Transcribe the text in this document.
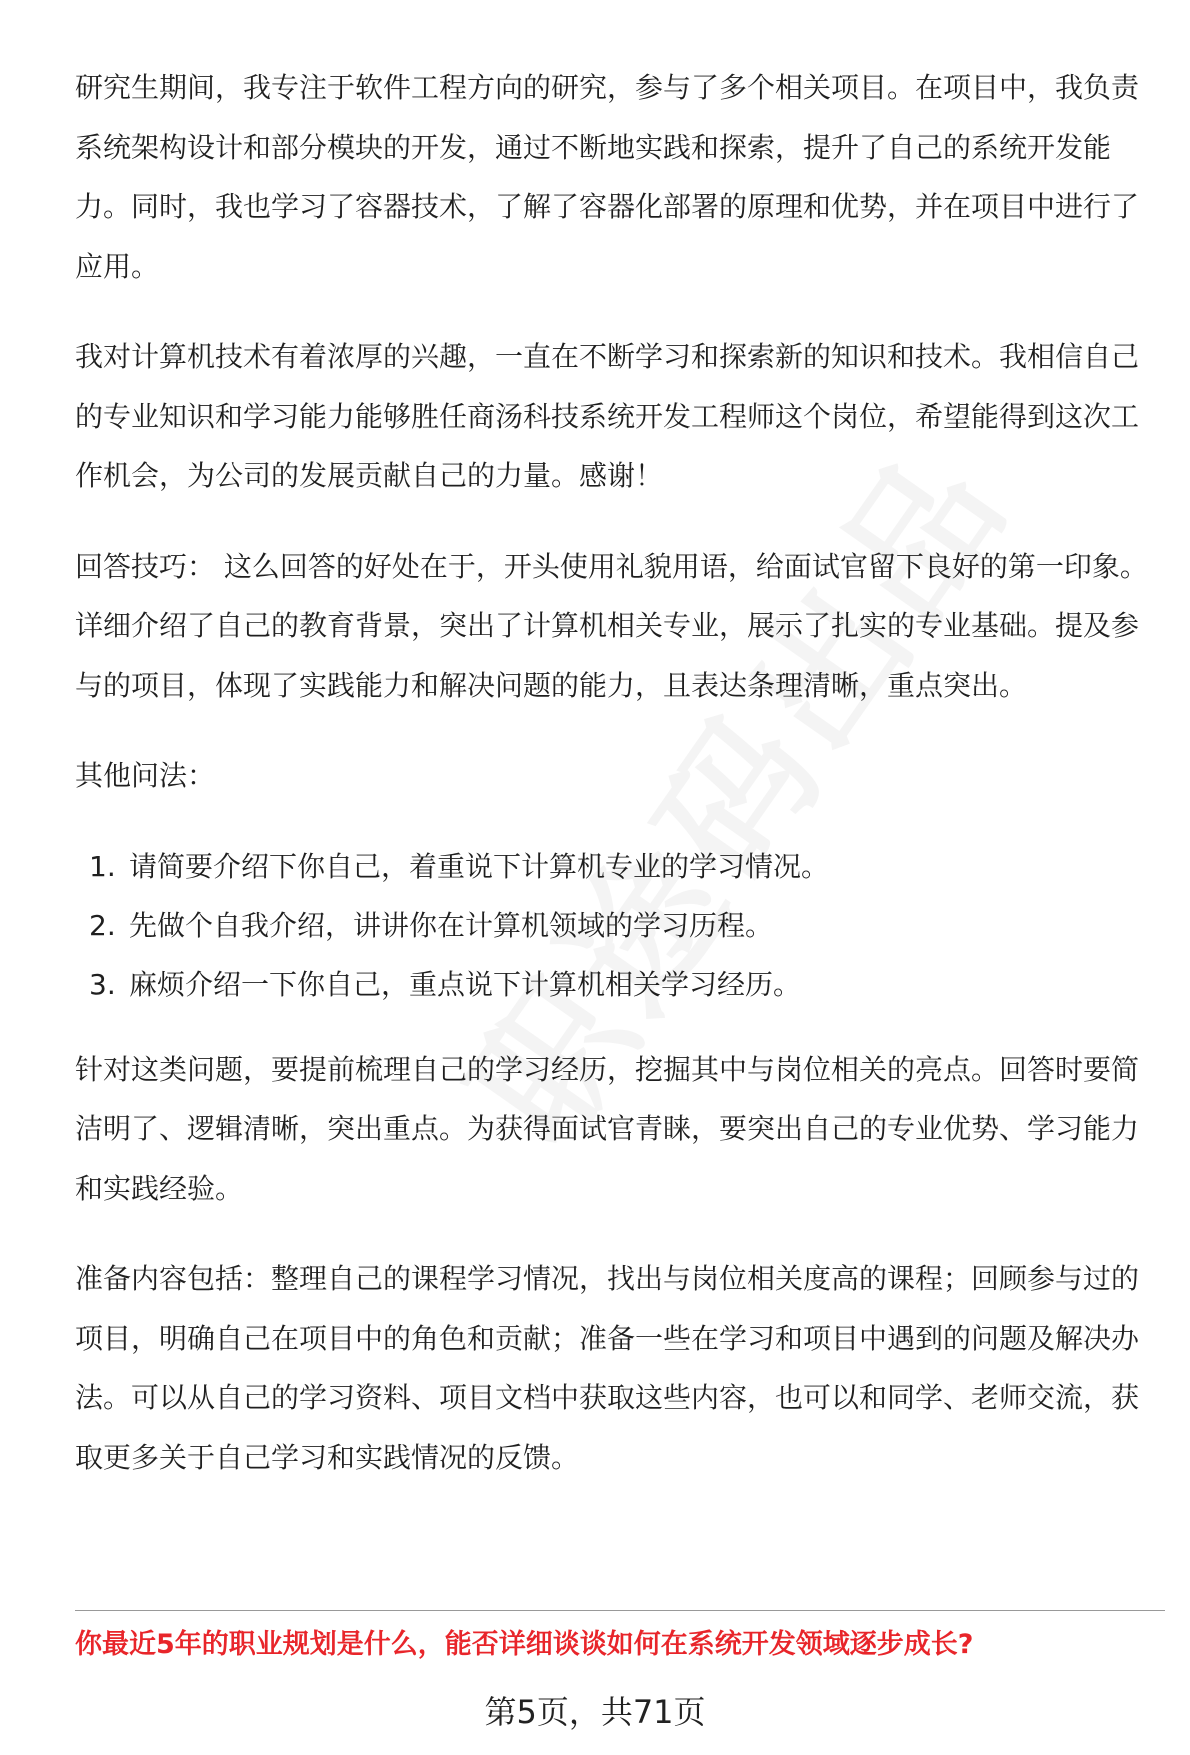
研究生期间，我专注于软件工程方向的研究，参与了多个相关项目。在项目中，我负责系统架构设计和部分模块的开发，通过不断地实践和探索，提升了自己的系统开发能力。同时，我也学习了容器技术，了解了容器化部署的原理和优势，并在项目中进行了应用。

我对计算机技术有着浓厚的兴趣，一直在不断学习和探索新的知识和技术。我相信自己的专业知识和学习能力能够胜任商汤科技系统开发工程师这个岗位，希望能得到这次工作机会，为公司的发展贡献自己的力量。感谢！

回答技巧： 这么回答的好处在于，开头使用礼貌用语，给面试官留下良好的第一印象。详细介绍了自己的教育背景，突出了计算机相关专业，展示了扎实的专业基础。提及参与的项目，体现了实践能力和解决问题的能力，且表达条理清晰，重点突出。

其他问法：

1. 请简要介绍下你自己，着重说下计算机专业的学习情况。
2. 先做个自我介绍，讲讲你在计算机领域的学习历程。
3. 麻烦介绍一下你自己，重点说下计算机相关学习经历。

针对这类问题，要提前梳理自己的学习经历，挖掘其中与岗位相关的亮点。回答时要简洁明了、逻辑清晰，突出重点。为获得面试官青睐，要突出自己的专业优势、学习能力和实践经验。

准备内容包括：整理自己的课程学习情况，找出与岗位相关度高的课程；回顾参与过的项目，明确自己在项目中的角色和贡献；准备一些在学习和项目中遇到的问题及解决办法。可以从自己的学习资料、项目文档中获取这些内容，也可以和同学、老师交流，获取更多关于自己学习和实践情况的反馈。

你最近5年的职业规划是什么，能否详细谈谈如何在系统开发领域逐步成长?
第5页，共71页
